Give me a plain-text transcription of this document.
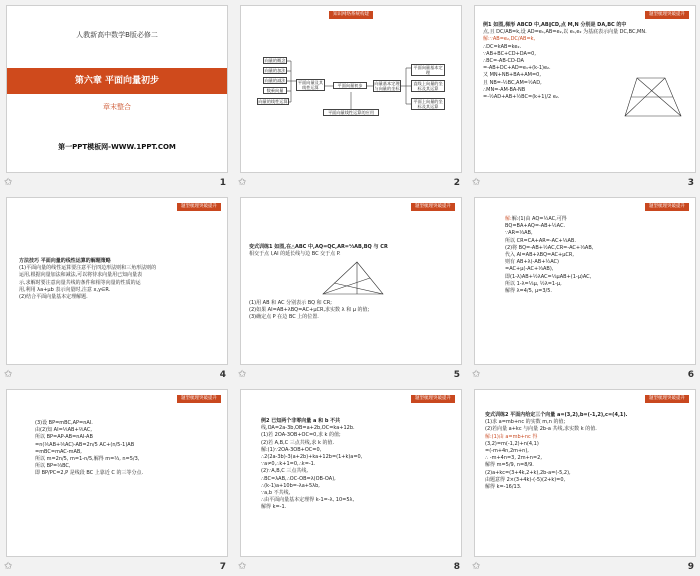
人教新高中数学B版必修二
第六章 平面向量初步
章末整合
第一PPT模板网-WWW.1PPT.COM
✩	1
知识网络系统构建
向量的概念
向量的加法
向量的减法
数乘向量
向量的线性运算
平面向量及其线性运算
平面向量基本定理
直线上向量的坐标及其运算
平面上向量的坐标及其运算
向量基本定理与向量的坐标
平面向量初步
平面向量线性运算的应用
✩	2
题型梳理突破提升
例1 如图,梯形 ABCD 中,AB∥CD,点 M,N 分别是 DA,BC 的中
点,且 DC/AB=k,设 AD=e₁,AB=e₂,以 e₁,e₂ 为基底表示向量 DC,BC,MN.
解:∵AB=e₂,DC/AB=k,
∴DC=kAB=ke₂.
∵AB+BC+CD+DA=0,
∴BC=-AB-CD-DA
=-AB+DC+AD=e₁+(k-1)e₂.
又 MN+NB+BA+AM=0,
且 NB=-½BC,AM=½AD,
∴MN=-AM-BA-NB
=-½AD+AB+½BC=(k+1)/2 e₂.
✩	3
题型梳理突破提升
方法技巧 平面向量的线性运算的解题策略
(1)平面向量的线性运算要注意平行四边形法则和三角形法则的
运用,根据向量加法和减法,可以将待求向量用已知向量表
示,求解时要注意向量共线的条件和相等向量的性质的运
用,利用 λa+μb 表示向量时,注意 x,y∈R.
(2)结合平面向量基本定理解题.
✩	4
题型梳理突破提升
变式训练1 如图,在△ABC 中,AQ=QC,AR=⅓AB,BQ 与 CR
相交于点 I,AI 的延长线与边 BC 交于点 P.
(1)用 AB 和 AC 分别表示 BQ 和 CR;
(2)如果 AI=AB+λBQ=AC+μCR,求实数 λ 和 μ 的值;
(3)确定点 P 在边 BC 上的位置.
✩	5
题型梳理突破提升
解:解:(1)由 AQ=½AC,可得
BQ=BA+AQ=-AB+½AC.
∵AR=⅓AB,
所以 CR=CA+AR=-AC+⅓AB.
(2)将 BQ=-AB+½AC,CR=-AC+⅓AB,
代入 AI=AB+λBQ=AC+μCR,
则有 AB+λ(-AB+½AC)
=AC+μ(-AC+⅓AB),
即(1-λ)AB+½λAC=⅓μAB+(1-μ)AC,
所以 1-λ=⅓μ, ½λ=1-μ,
解得 λ=4/5, μ=3/5.
✩	6
题型梳理突破提升
(3)设 BP=mBC,AP=nAI.
由(2)知 AI=⅕AB+⅖AC,
所以 BP=AP-AB=nAI-AB
=n(⅕AB+⅖AC)-AB=2n/5 AC+(n/5-1)AB
=mBC=mAC-mAB,
所以 m=2n/5, m=1-n/5,解得 m=⅔, n=5/3,
所以 BP=⅔BC,
即 BP/PC=2,P 是线段 BC 上靠近 C 的三等分点.
✩	7
题型梳理突破提升
例2 已知两个非零向量 a 和 b 不共
线,OA=2a-3b,OB=a+2b,OC=ka+12b.
(1)若 2OA-3OB+OC=0,求 k 的值;
(2)若 A,B,C 三点共线,求 k 的值.
解:(1)∵2OA-3OB+OC=0,
∴2(2a-3b)-3(a+2b)+ka+12b=(1+k)a=0,
∵a≠0,∴k+1=0,∴k=-1.
(2)∵A,B,C 三点共线,
∴BC=λAB,∴OC-OB=λ(OB-OA),
∴(k-1)a+10b=-λa+5λb,
∵a,b 不共线,
∴由平面向量基本定理得 k-1=-λ, 10=5λ,
解得 k=-1.
✩	8
变式训练2 平面内给定三个向量 a=(3,2),b=(-1,2),c=(4,1).
(1)求 a=mb+nc 的实数 m,n 的值;
(2)若向量 a+kc 与向量 2b-a 共线,求实数 k 的值.
解:(1)由 a=mb+nc 得
(3,2)=m(-1,2)+n(4,1)
=(-m+4n,2m+n),
∴ -m+4n=3, 2m+n=2,
解得 m=5/9, n=8/9.
(2)a+kc=(3+4k,2+k),2b-a=(-5,2),
由题意得 2×(3+4k)-(-5)(2+k)=0,
解得 k=-16/13.
题型梳理突破提升
✩	9
